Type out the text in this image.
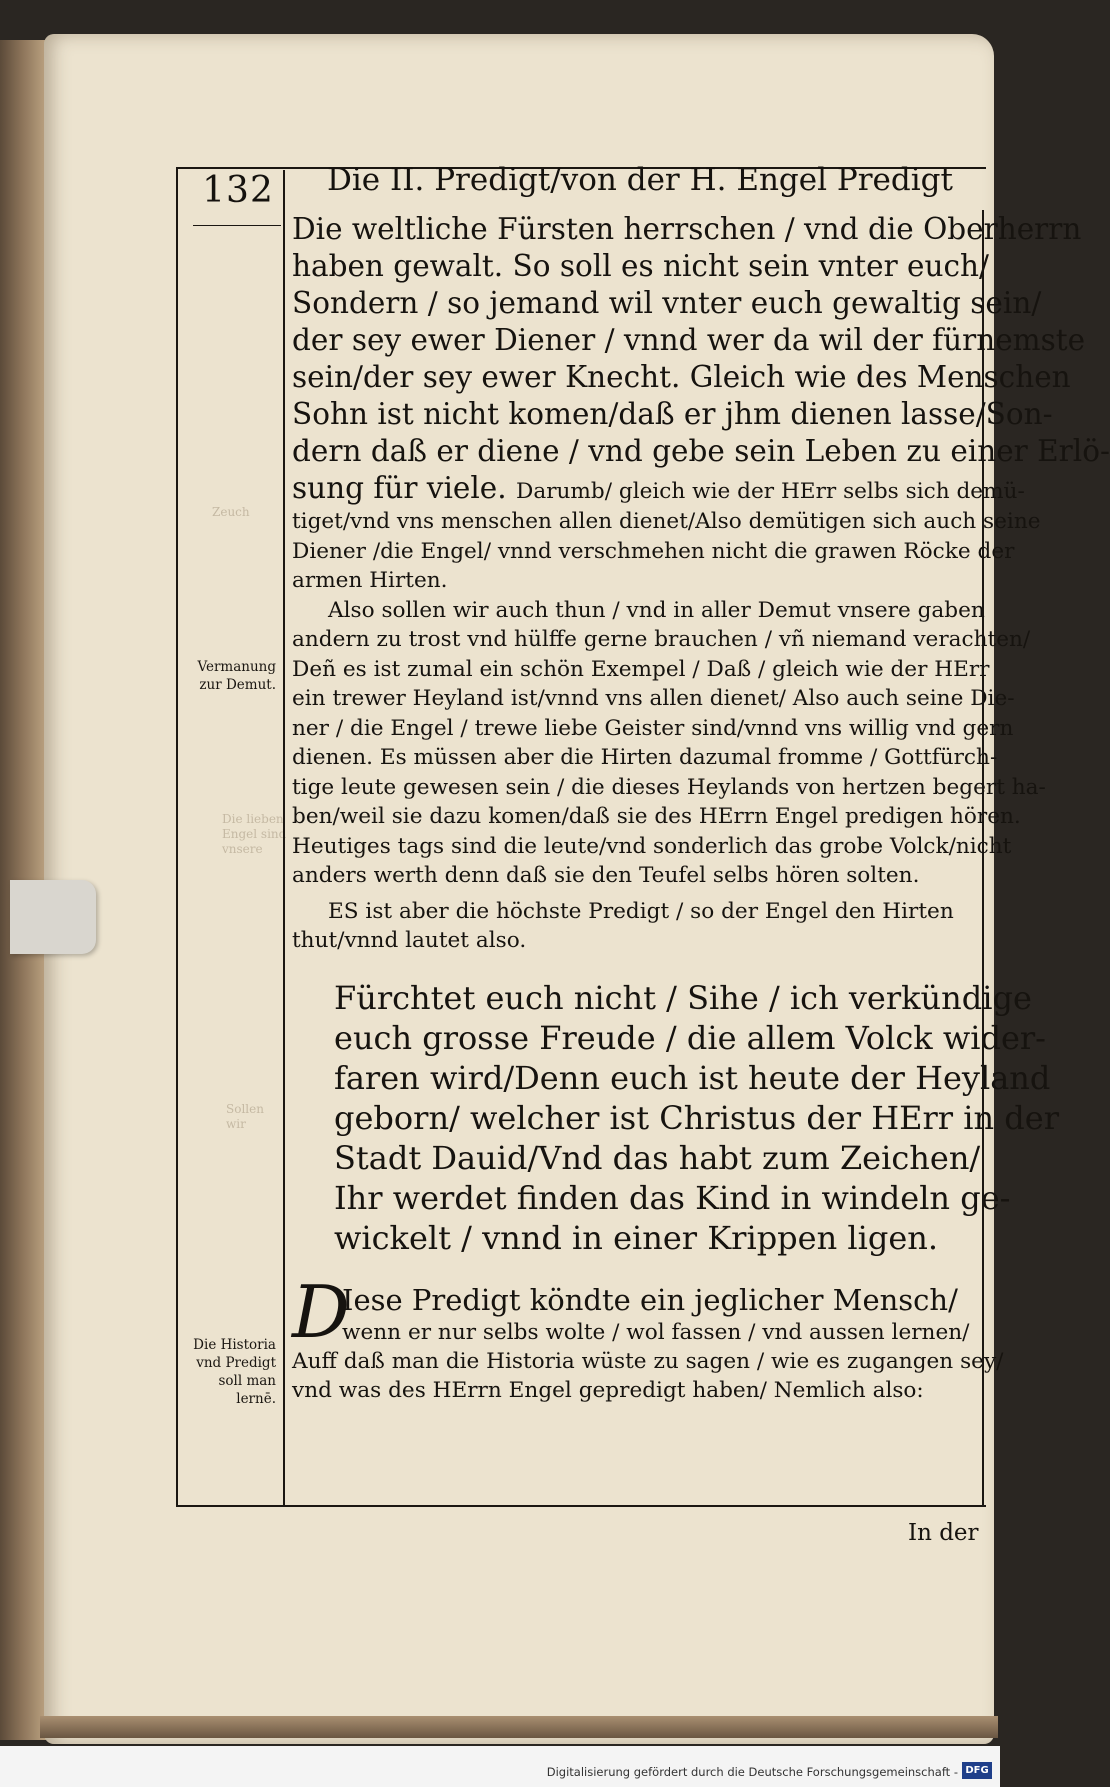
Zeuch
Die lieben
Engel sind
vnsere
Sollen
wir
132	Die II. Predigt/von der H. Engel Predigt
Vermanung
zur Demut.
Die Historia
vnd Predigt
soll man lernē.
Die weltliche Fürsten herrschen / vnd die Oberherrn
haben gewalt. So soll es nicht sein vnter euch/
Sondern / so jemand wil vnter euch gewaltig sein/
der sey ewer Diener / vnnd wer da wil der fürnemste
sein/der sey ewer Knecht. Gleich wie des Menschen
Sohn ist nicht komen/daß er jhm dienen lasse/Son-
dern daß er diene / vnd gebe sein Leben zu einer Erlö-
sung für viele. Darumb/ gleich wie der HErr selbs sich demü-
tiget/vnd vns menschen allen dienet/Also demütigen sich auch seine
Diener /die Engel/ vnnd verschmehen nicht die grawen Röcke der
armen Hirten.
Also sollen wir auch thun / vnd in aller Demut vnsere gaben
andern zu trost vnd hülffe gerne brauchen / vñ niemand verachten/
Deñ es ist zumal ein schön Exempel / Daß / gleich wie der HErr
ein trewer Heyland ist/vnnd vns allen dienet/ Also auch seine Die-
ner / die Engel / trewe liebe Geister sind/vnnd vns willig vnd gern
dienen. Es müssen aber die Hirten dazumal fromme / Gottfürch-
tige leute gewesen sein / die dieses Heylands von hertzen begert ha-
ben/weil sie dazu komen/daß sie des HErrn Engel predigen hören.
Heutiges tags sind die leute/vnd sonderlich das grobe Volck/nicht
anders werth denn daß sie den Teufel selbs hören solten.
ES ist aber die höchste Predigt / so der Engel den Hirten
thut/vnnd lautet also.
Fürchtet euch nicht / Sihe / ich verkündige
euch grosse Freude / die allem Volck wider-
faren wird/Denn euch ist heute der Heyland
geborn/ welcher ist Christus der HErr in der
Stadt Dauid/Vnd das habt zum Zeichen/
Ihr werdet finden das Kind in windeln ge-
wickelt / vnnd in einer Krippen ligen.
D
Iese Predigt köndte ein jeglicher Mensch/
wenn er nur selbs wolte / wol fassen / vnd aussen lernen/
Auff daß man die Historia wüste zu sagen / wie es zugangen sey/
vnd was des HErrn Engel gepredigt haben/ Nemlich also:
In der
Digitalisierung gefördert durch die Deutsche Forschungsgemeinschaft - DFG
